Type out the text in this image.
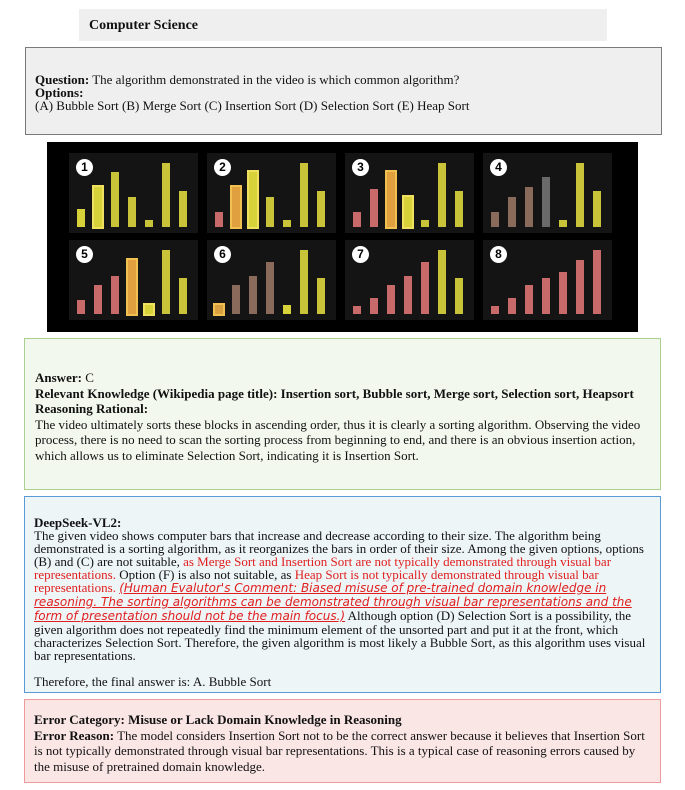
Computer Science

Question: The algorithm demonstrated in the video is which common algorithm?

Options:

(A) Bubble Sort (B) Merge Sort (C) Insertion Sort (D) Selection Sort (E) Heap Sort

1	2	3	4
5	6	7	8

Answer: C

Relevant Knowledge (Wikipedia page title): Insertion sort, Bubble sort, Merge sort, Selection sort, Heapsort

Reasoning Rational:

The video ultimately sorts these blocks in ascending order, thus it is clearly a sorting algorithm. Observing the video process, there is no need to scan the sorting process from beginning to end, and there is an obvious insertion action, which allows us to eliminate Selection Sort, indicating it is Insertion Sort.

DeepSeek-VL2:

The given video shows computer bars that increase and decrease according to their size. The algorithm being demonstrated is a sorting algorithm, as it reorganizes the bars in order of their size. Among the given options, options (B) and (C) are not suitable, as Merge Sort and Insertion Sort are not typically demonstrated through visual bar representations. Option (F) is also not suitable, as Heap Sort is not typically demonstrated through visual bar representations. (Human Evalutor's Comment: Biased misuse of pre-trained domain knowledge in reasoning. The sorting algorithms can be demonstrated through visual bar representations and the form of presentation should not be the main focus.) Although option (D) Selection Sort is a possibility, the given algorithm does not repeatedly find the minimum element of the unsorted part and put it at the front, which characterizes Selection Sort. Therefore, the given algorithm is most likely a Bubble Sort, as this algorithm uses visual bar representations.

Therefore, the final answer is: A. Bubble Sort

Error Category: Misuse or Lack Domain Knowledge in Reasoning

Error Reason: The model considers Insertion Sort not to be the correct answer because it believes that Insertion Sort is not typically demonstrated through visual bar representations. This is a typical case of reasoning errors caused by the misuse of pretrained domain knowledge.
